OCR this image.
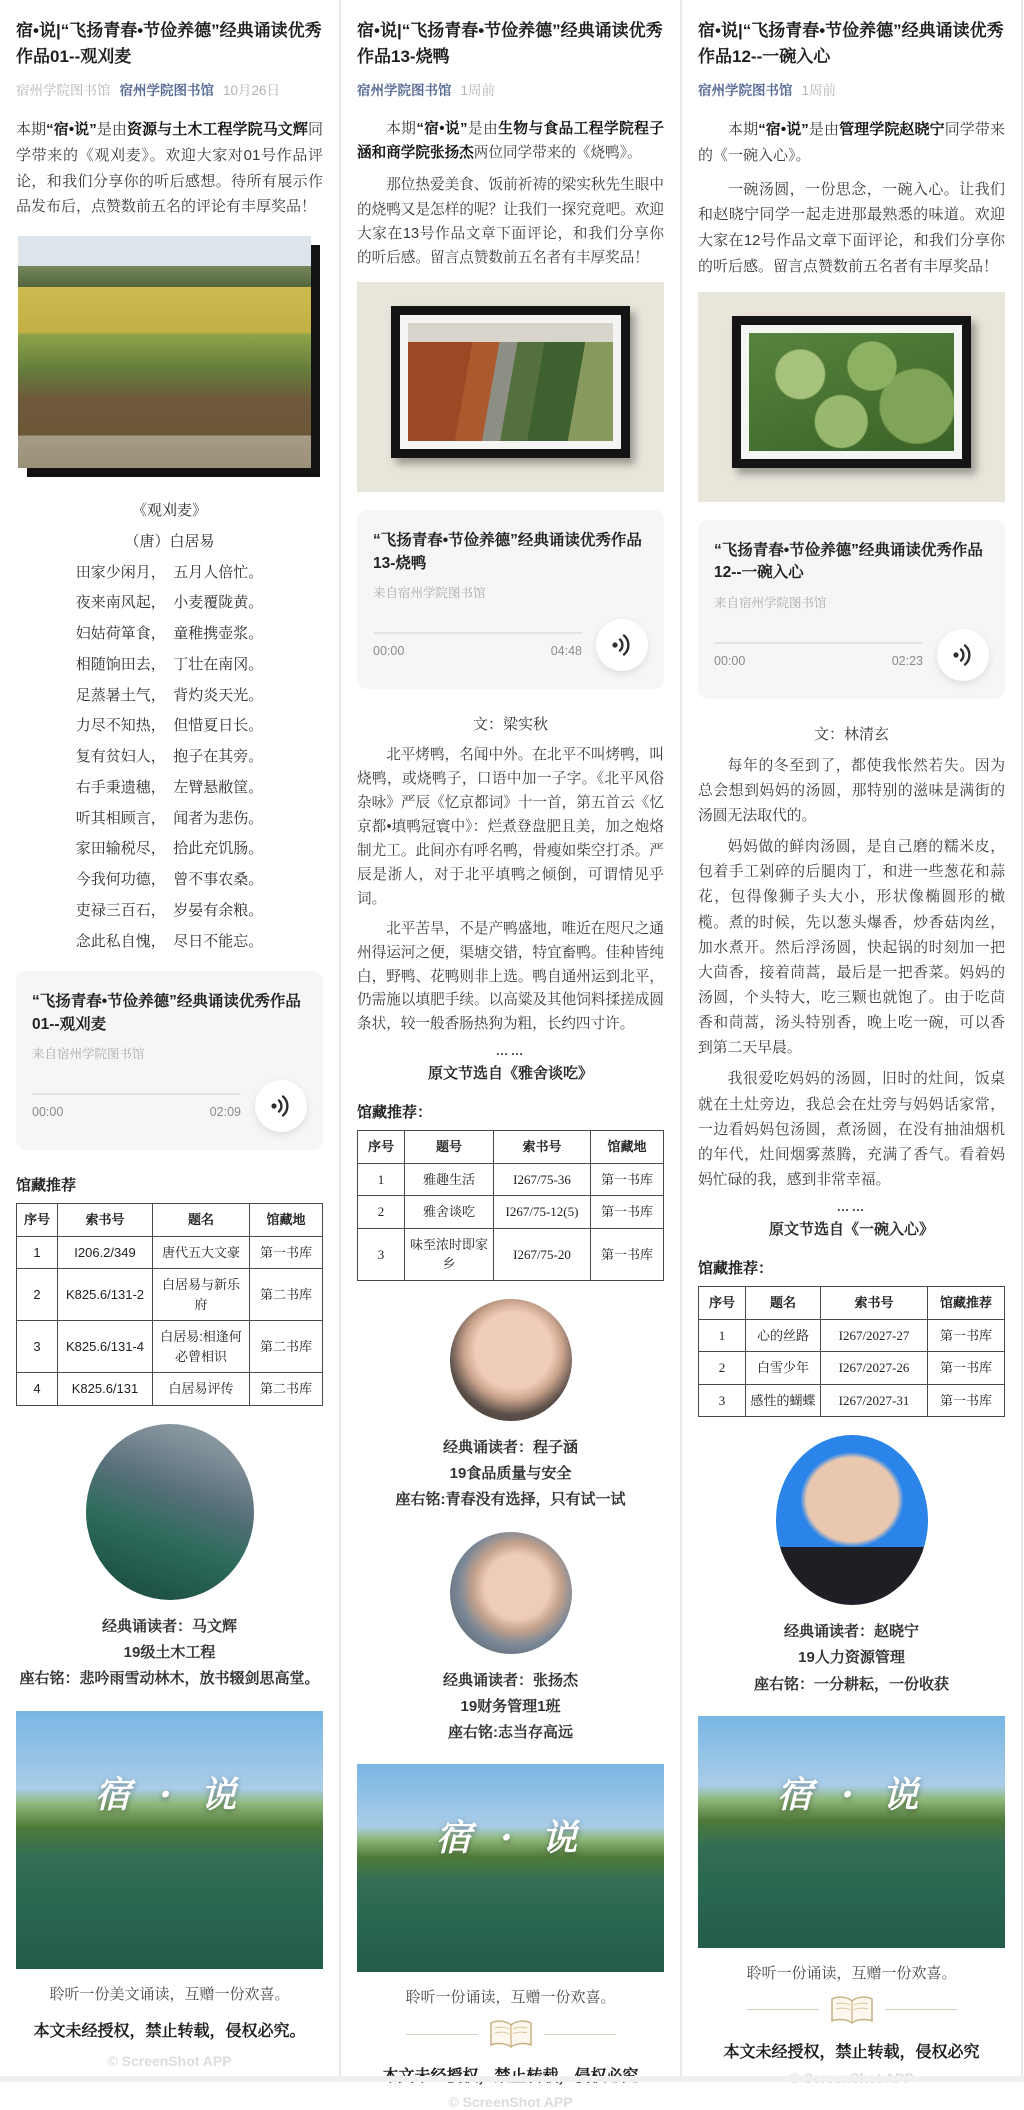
宿•说|“飞扬青春•节俭养德”经典诵读优秀作品01--观刈麦
宿州学院图书馆 宿州学院图书馆 10月26日

本期“宿•说”是由资源与土木工程学院马文辉同学带来的《观刈麦》。欢迎大家对01号作品评论，和我们分享你的听后感想。待所有展示作品发布后，点赞数前五名的评论有丰厚奖品！

《观刈麦》
（唐）白居易
田家少闲月，　五月人倍忙。
夜来南风起，　小麦覆陇黄。
妇姑荷箪食，　童稚携壶浆。
相随饷田去，　丁壮在南冈。
足蒸暑土气，　背灼炎天光。
力尽不知热，　但惜夏日长。
复有贫妇人，　抱子在其旁。
右手秉遗穗，　左臂悬敝筐。
听其相顾言，　闻者为悲伤。
家田输税尽，　拾此充饥肠。
今我何功德，　曾不事农桑。
吏禄三百石，　岁晏有余粮。
念此私自愧，　尽日不能忘。
“飞扬青春•节俭养德”经典诵读优秀作品01--观刈麦
来自宿州学院图书馆
00:00	02:09
馆藏推荐
序号	索书号	题名	馆藏地
1	I206.2/349	唐代五大文豪	第一书库
2	K825.6/131-2	白居易与新乐府	第二书库
3	K825.6/131-4	白居易:相逢何必曾相识	第二书库
4	K825.6/131	白居易评传	第二书库
经典诵读者：马文辉
19级土木工程
座右铭：悲吟雨雪动林木，放书辍剑思高堂。
宿 · 说
聆听一份美文诵读，互赠一份欢喜。
本文未经授权，禁止转载，侵权必究。
© ScreenShot APP
宿•说|“飞扬青春•节俭养德”经典诵读优秀作品13-烧鸭
宿州学院图书馆 1周前

本期“宿•说”是由生物与食品工程学院程子涵和商学院张扬杰两位同学带来的《烧鸭》。

那位热爱美食、饭前祈祷的梁实秋先生眼中的烧鸭又是怎样的呢？让我们一探究竟吧。欢迎大家在13号作品文章下面评论，和我们分享你的听后感。留言点赞数前五名者有丰厚奖品！

“飞扬青春•节俭养德”经典诵读优秀作品13-烧鸭
来自宿州学院图书馆
00:00	04:48
文：梁实秋

北平烤鸭，名闻中外。在北平不叫烤鸭，叫烧鸭，或烧鸭子，口语中加一子字。《北平风俗杂咏》严辰《忆京都词》十一首，第五首云《忆京都•填鸭冠寰中》：烂煮登盘肥且美，加之炮烙制尤工。此间亦有呼名鸭，骨瘦如柴空打杀。严辰是浙人，对于北平填鸭之倾倒，可谓情见乎词。

北平苦旱，不是产鸭盛地，唯近在咫尺之通州得运河之便，渠塘交错，特宜畜鸭。佳种皆纯白，野鸭、花鸭则非上选。鸭自通州运到北平，仍需施以填肥手续。以高粱及其他饲料揉搓成圆条状，较一般香肠热狗为粗，长约四寸许。

……
原文节选自《雅舍谈吃》
馆藏推荐：
序号	题号	索书号	馆藏地
1	雅趣生活	I267/75-36	第一书库
2	雅舍谈吃	I267/75-12(5)	第一书库
3	味至浓时即家乡	I267/75-20	第一书库
经典诵读者：程子涵
19食品质量与安全
座右铭:青春没有选择，只有试一试
经典诵读者：张扬杰
19财务管理1班
座右铭:志当存高远
宿 · 说
聆听一份诵读，互赠一份欢喜。
© ScreenShot APP
宿•说|“飞扬青春•节俭养德”经典诵读优秀作品12--一碗入心
宿州学院图书馆 1周前

本期“宿•说”是由管理学院赵晓宁同学带来的《一碗入心》。

一碗汤圆，一份思念，一碗入心。让我们和赵晓宁同学一起走进那最熟悉的味道。欢迎大家在12号作品文章下面评论，和我们分享你的听后感。留言点赞数前五名者有丰厚奖品！

“飞扬青春•节俭养德”经典诵读优秀作品12--一碗入心
来自宿州学院图书馆
00:00	02:23
文：林清玄

每年的冬至到了，都使我怅然若失。因为总会想到妈妈的汤圆，那特别的滋味是满街的汤圆无法取代的。

妈妈做的鲜肉汤圆，是自己磨的糯米皮，包着手工剁碎的后腿肉丁，和进一些葱花和蒜花，包得像狮子头大小，形状像椭圆形的橄榄。煮的时候，先以葱头爆香，炒香菇肉丝，加水煮开。然后浮汤圆，快起锅的时刻加一把大茴香，接着茼蒿，最后是一把香菜。妈妈的汤圆，个头特大，吃三颗也就饱了。由于吃茴香和茼蒿，汤头特别香，晚上吃一碗，可以香到第二天早晨。

我很爱吃妈妈的汤圆，旧时的灶间，饭桌就在土灶旁边，我总会在灶旁与妈妈话家常，一边看妈妈包汤圆，煮汤圆，在没有抽油烟机的年代，灶间烟雾蒸腾，充满了香气。看着妈妈忙碌的我，感到非常幸福。

……
原文节选自《一碗入心》
馆藏推荐：
序号	题名	索书号	馆藏推荐
1	心的丝路	I267/2027-27	第一书库
2	白雪少年	I267/2027-26	第一书库
3	感性的蝴蝶	I267/2027-31	第一书库
经典诵读者：赵晓宁
19人力资源管理
座右铭：一分耕耘，一份收获
宿 · 说
聆听一份诵读，互赠一份欢喜。
本文未经授权，禁止转载，侵权必究
